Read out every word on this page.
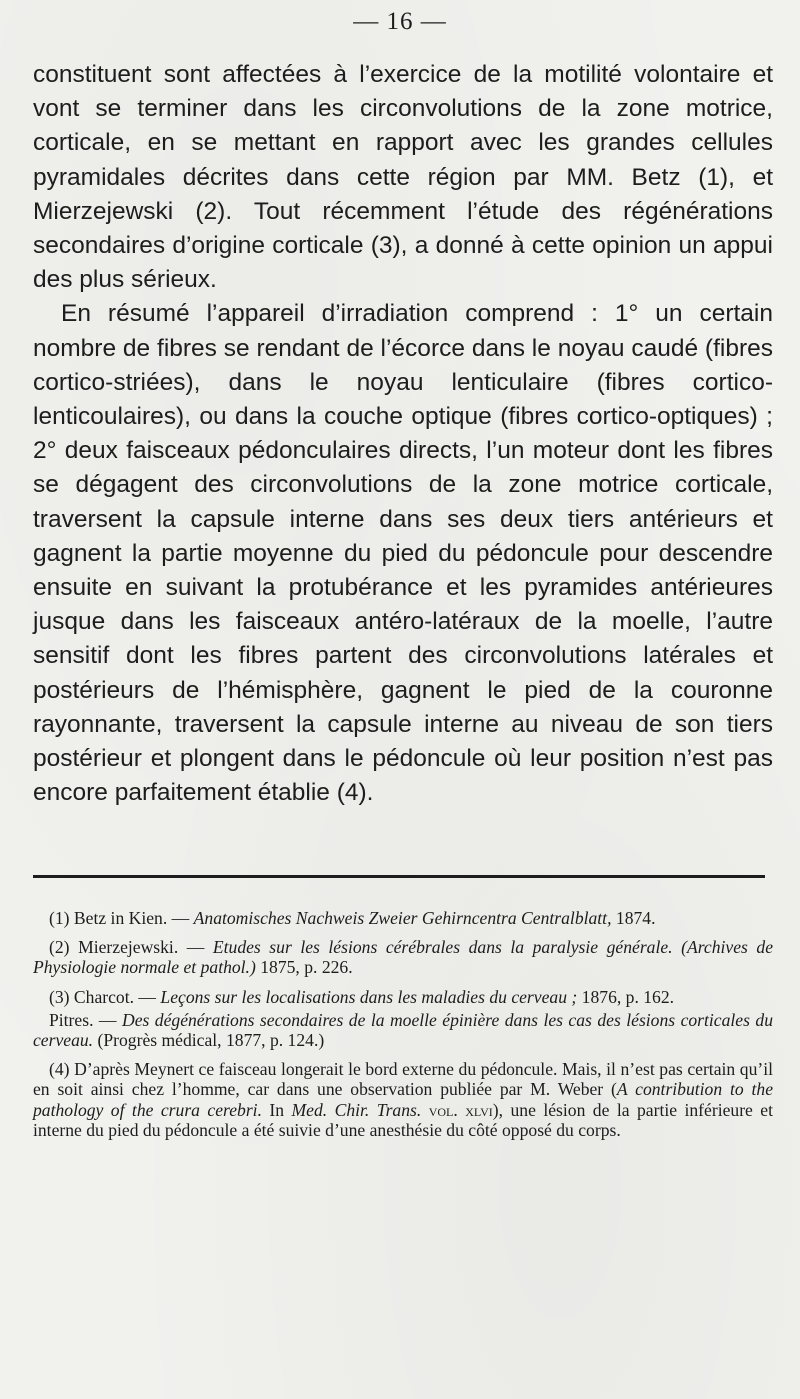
— 16 —

constituent sont affectées à l’exercice de la motilité volontaire et vont se terminer dans les circonvolutions de la zone motrice, corticale, en se mettant en rapport avec les grandes cellules pyramidales décrites dans cette région par MM. Betz (1), et Mierzejewski (2). Tout récemment l’étude des régénérations secondaires d’origine corticale (3), a donné à cette opinion un appui des plus sérieux.

En résumé l’appareil d’irradiation comprend : 1° un certain nombre de fibres se rendant de l’écorce dans le noyau caudé (fibres cortico-striées), dans le noyau lenticulaire (fibres cortico-lenticoulaires), ou dans la couche optique (fibres cortico-optiques) ; 2° deux faisceaux pédonculaires directs, l’un moteur dont les fibres se dégagent des circonvolutions de la zone motrice corticale, traversent la capsule interne dans ses deux tiers antérieurs et gagnent la partie moyenne du pied du pédoncule pour descendre ensuite en suivant la protubérance et les pyramides antérieures jusque dans les faisceaux antéro-latéraux de la moelle, l’autre sensitif dont les fibres partent des circonvolutions latérales et postérieurs de l’hémisphère, gagnent le pied de la couronne rayonnante, traversent la capsule interne au niveau de son tiers postérieur et plongent dans le pédoncule où leur position n’est pas encore parfaitement établie (4).

(1) Betz in Kien. — Anatomisches Nachweis Zweier Gehirncentra Centralblatt, 1874.

(2) Mierzejewski. — Etudes sur les lésions cérébrales dans la paralysie générale. (Archives de Physiologie normale et pathol.) 1875, p. 226.

(3) Charcot. — Leçons sur les localisations dans les maladies du cerveau ; 1876, p. 162.

Pitres. — Des dégénérations secondaires de la moelle épinière dans les cas des lésions corticales du cerveau. (Progrès médical, 1877, p. 124.)

(4) D’après Meynert ce faisceau longerait le bord externe du pédoncule. Mais, il n’est pas certain qu’il en soit ainsi chez l’homme, car dans une observation publiée par M. Weber (A contribution to the pathology of the crura cerebri. In Med. Chir. Trans. vol. xlvi), une lésion de la partie inférieure et interne du pied du pédoncule a été suivie d’une anesthésie du côté opposé du corps.
